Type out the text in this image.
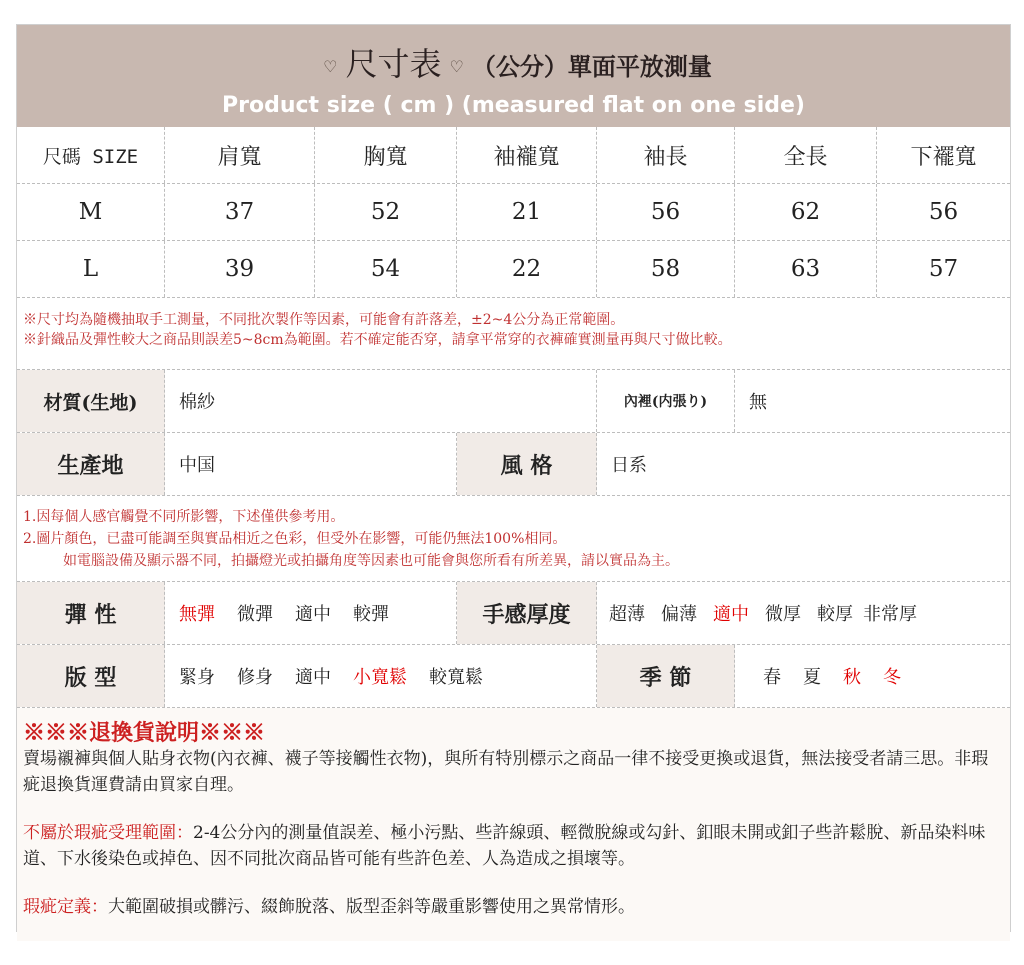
♡ 尺寸表 ♡ （公分）單面平放測量
Product size ( cm ) (measured flat on one side)
尺碼 SIZE	肩寬	胸寬	袖襱寬	袖長	全長	下襬寬
M	37	52	21	56	62	56
L	39	54	22	58	63	57
※尺寸均為隨機抽取手工測量，不同批次製作等因素，可能會有許落差，±2~4公分為正常範圍。
※針織品及彈性較大之商品則誤差5~8cm為範圍。若不確定能否穿，請拿平常穿的衣褲確實測量再與尺寸做比較。
材質(生地)	棉紗	內裡(内張り)	無
生產地	中国	風 格	日系
1.因每個人感官觸覺不同所影響，下述僅供參考用。
2.圖片顏色，已盡可能調至與實品相近之色彩，但受外在影響，可能仍無法100%相同。
如電腦設備及顯示器不同，拍攝燈光或拍攝角度等因素也可能會與您所看有所差異，請以實品為主。
彈 性	無彈 微彈 適中 較彈	手感厚度	超薄 偏薄 適中 微厚 較厚 非常厚
版 型	緊身 修身 適中 小寬鬆 較寬鬆	季 節	春 夏 秋 冬
※※※退換貨說明※※※

賣場襯褲與個人貼身衣物(內衣褲、襪子等接觸性衣物)，與所有特別標示之商品一律不接受更換或退貨，無法接受者請三思。非瑕疵退換貨運費請由買家自理。

不屬於瑕疵受理範圍：2-4公分內的測量值誤差、極小污點、些許線頭、輕微脫線或勾針、釦眼未開或釦子些許鬆脫、新品染料味道、下水後染色或掉色、因不同批次商品皆可能有些許色差、人為造成之損壞等。

瑕疵定義：大範圍破損或髒污、綴飾脫落、版型歪斜等嚴重影響使用之異常情形。
